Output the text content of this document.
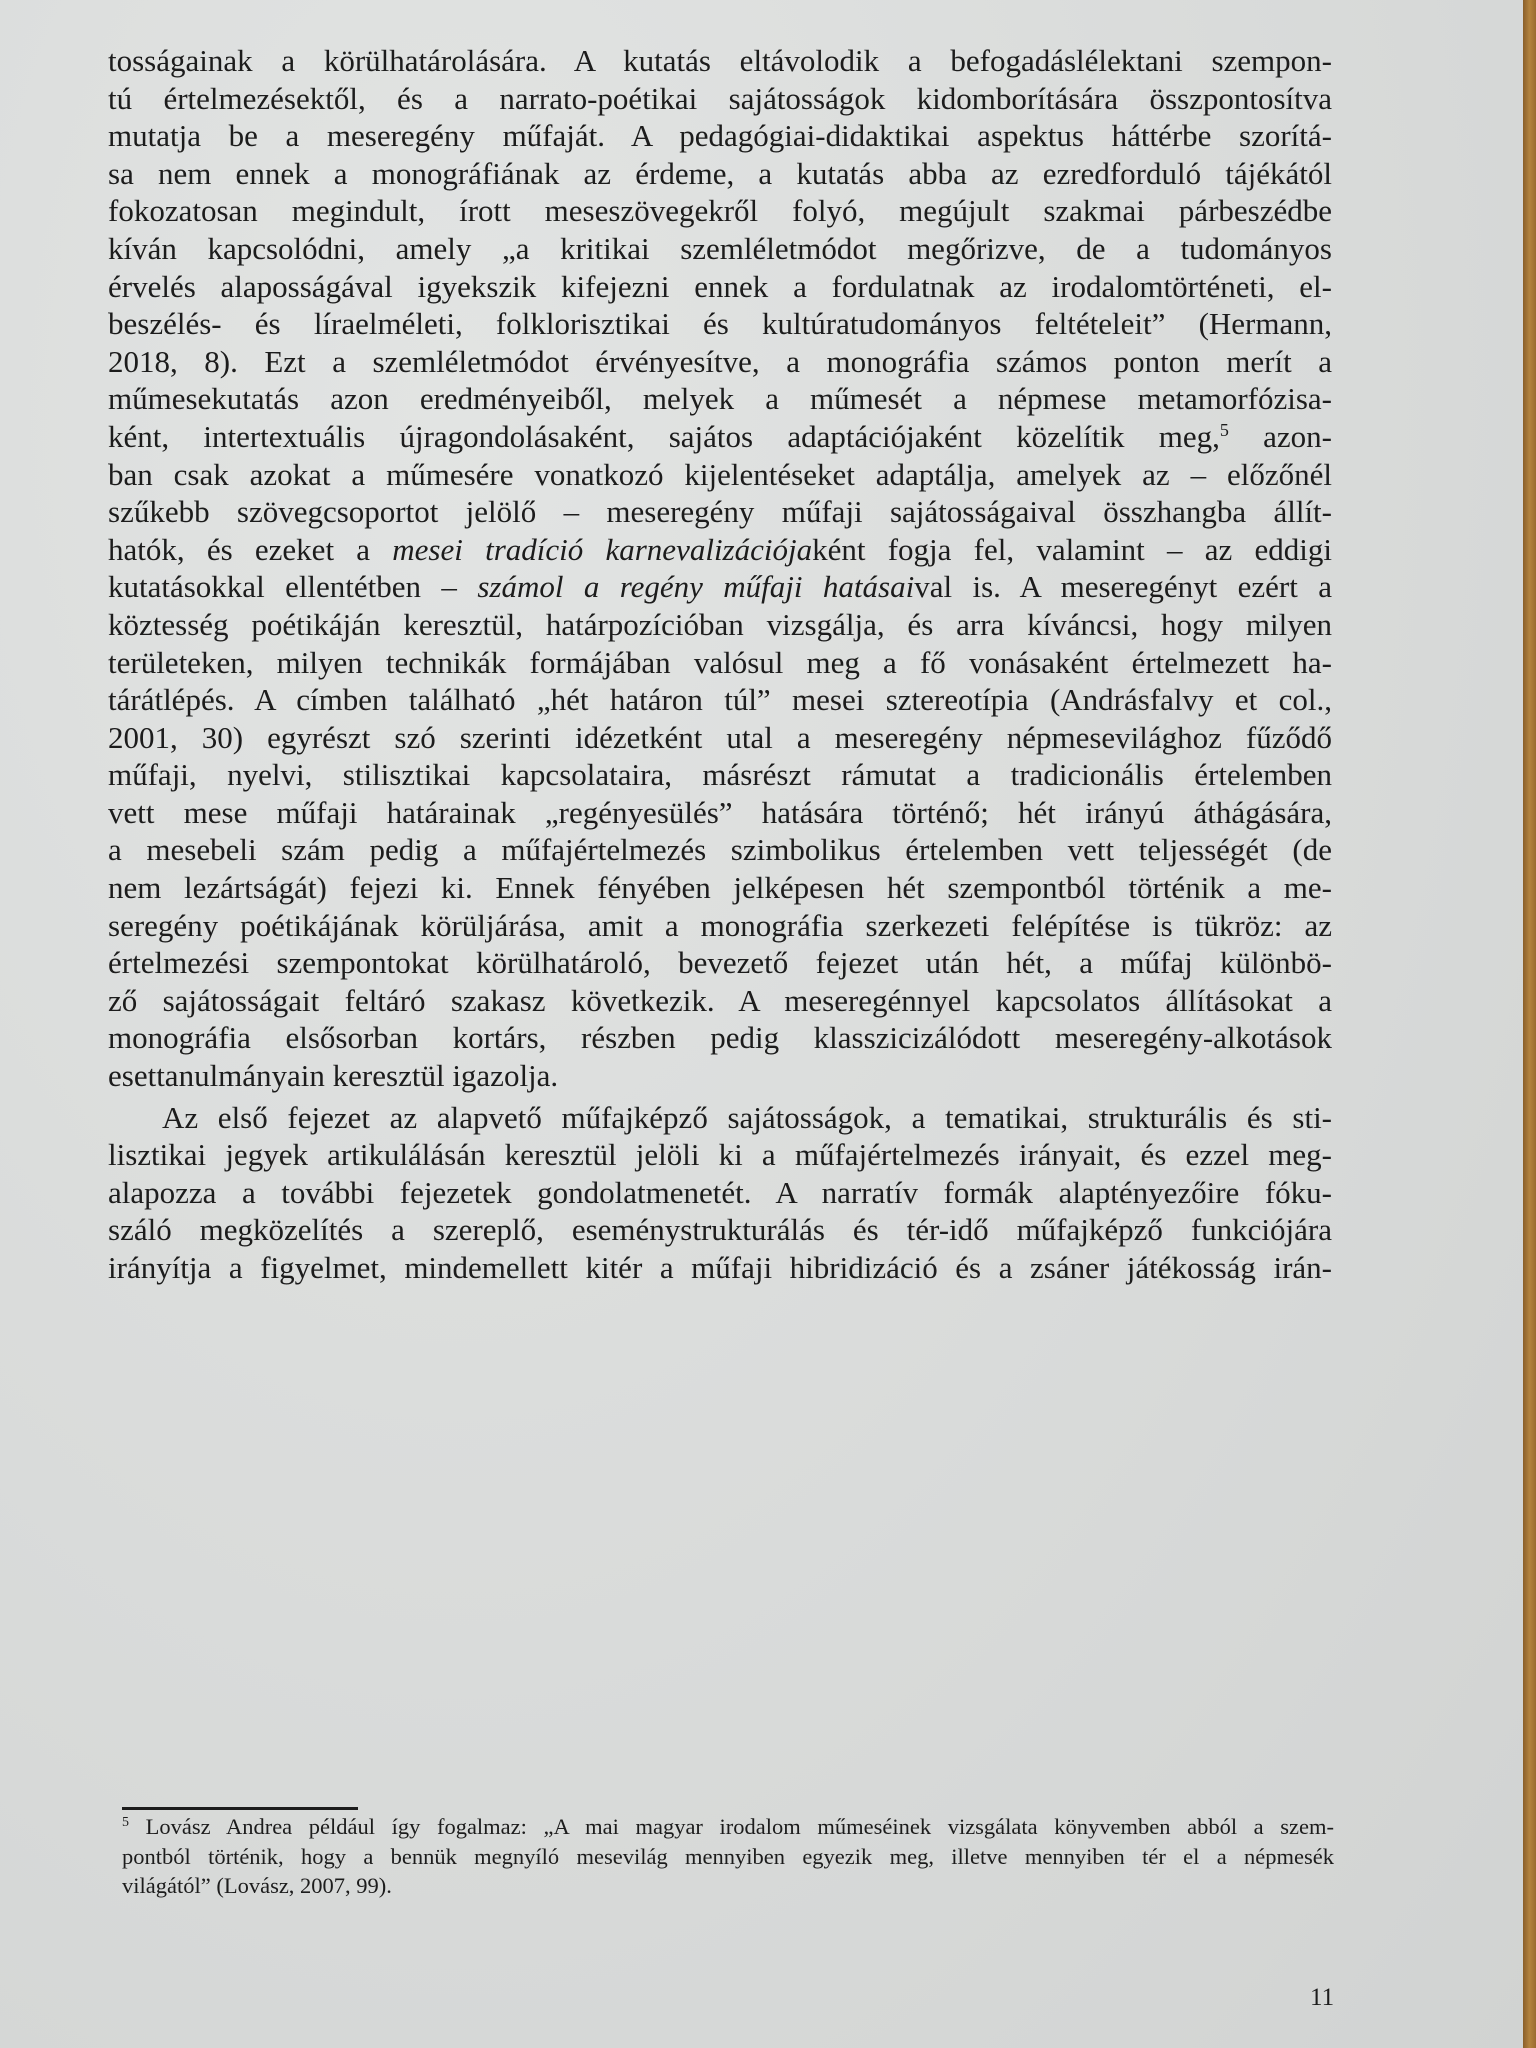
tosságainak a körülhatárolására. A kutatás eltávolodik a befogadáslélektani szempon-
tú értelmezésektől, és a narrato-poétikai sajátosságok kidomborítására összpontosítva
mutatja be a meseregény műfaját. A pedagógiai-didaktikai aspektus háttérbe szorítá-
sa nem ennek a monográfiának az érdeme, a kutatás abba az ezredforduló tájékától
fokozatosan megindult, írott meseszövegekről folyó, megújult szakmai párbeszédbe
kíván kapcsolódni, amely „a kritikai szemléletmódot megőrizve, de a tudományos
érvelés alaposságával igyekszik kifejezni ennek a fordulatnak az irodalomtörténeti, el-
beszélés- és líraelméleti, folklorisztikai és kultúratudományos feltételeit” (Hermann,
2018, 8). Ezt a szemléletmódot érvényesítve, a monográfia számos ponton merít a
műmesekutatás azon eredményeiből, melyek a műmesét a népmese metamorfózisa-
ként, intertextuális újragondolásaként, sajátos adaptációjaként közelítik meg,$^5$ azon-
ban csak azokat a műmesére vonatkozó kijelentéseket adaptálja, amelyek az – előzőnél
szűkebb szövegcsoportot jelölő – meseregény műfaji sajátosságaival összhangba állít-
hatók, és ezeket a mesei tradíció karnevalizációjaként fogja fel, valamint – az eddigi
kutatásokkal ellentétben – számol a regény műfaji hatásaival is. A meseregényt ezért a
köztesség poétikáján keresztül, határpozícióban vizsgálja, és arra kíváncsi, hogy milyen
területeken, milyen technikák formájában valósul meg a fő vonásaként értelmezett ha-
tárátlépés. A címben található „hét határon túl” mesei sztereotípia (Andrásfalvy et col.,
2001, 30) egyrészt szó szerinti idézetként utal a meseregény népmesevilághoz fűződő
műfaji, nyelvi, stilisztikai kapcsolataira, másrészt rámutat a tradicionális értelemben
vett mese műfaji határainak „regényesülés” hatására történő; hét irányú áthágására,
a mesebeli szám pedig a műfajértelmezés szimbolikus értelemben vett teljességét (de
nem lezártságát) fejezi ki. Ennek fényében jelképesen hét szempontból történik a me-
seregény poétikájának körüljárása, amit a monográfia szerkezeti felépítése is tükröz: az
értelmezési szempontokat körülhatároló, bevezető fejezet után hét, a műfaj különbö-
ző sajátosságait feltáró szakasz következik. A meseregénnyel kapcsolatos állításokat a
monográfia elsősorban kortárs, részben pedig klasszicizálódott meseregény-alkotások
esettanulmányain keresztül igazolja.
Az első fejezet az alapvető műfajképző sajátosságok, a tematikai, strukturális és sti-
lisztikai jegyek artikulálásán keresztül jelöli ki a műfajértelmezés irányait, és ezzel meg-
alapozza a további fejezetek gondolatmenetét. A narratív formák alaptényezőire fóku-
száló megközelítés a szereplő, eseménystrukturálás és tér-idő műfajképző funkciójára
irányítja a figyelmet, mindemellett kitér a műfaji hibridizáció és a zsáner játékosság irán-
$^5$ Lovász Andrea például így fogalmaz: „A mai magyar irodalom műmeséinek vizsgálata könyvemben abból a szem-
pontból történik, hogy a bennük megnyíló mesevilág mennyiben egyezik meg, illetve mennyiben tér el a népmesék
világától” (Lovász, 2007, 99).
11
